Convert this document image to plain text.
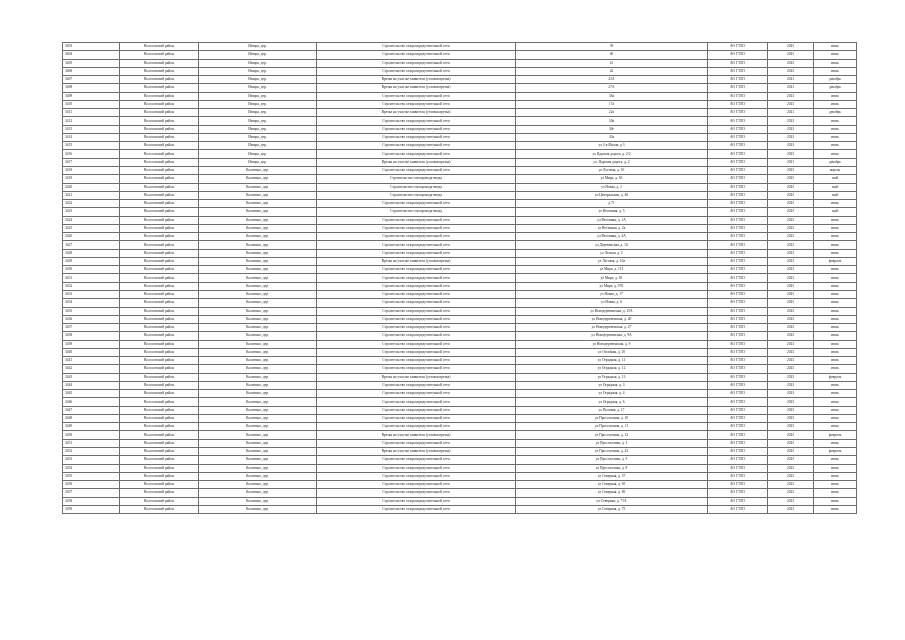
3403	Волосовский район	Извара, дер.	Строительство газораспределительной сети	39	АО ГТЛО	2023	июль
3404	Волосовский район	Извара, дер.	Строительство газораспределительной сети	40	АО ГТЛО	2023	июль
3405	Волосовский район	Извара, дер.	Строительство газораспределительной сети	41	АО ГТЛО	2023	июль
3406	Волосовский район	Извара, дер.	Строительство газораспределительной сети	42	АО ГТЛО	2023	июль
3407	Волосовский район	Извара, дер.	Врезка на участке заявителя (угловая врезка)	25А	АО ГТЛО	2021	декабрь
3408	Волосовский район	Извара, дер.	Врезка на участке заявителя (угловая врезка)	27А	АО ГТЛО	2021	декабрь
3409	Волосовский район	Извара, дер.	Строительство газораспределительной сети	36а	АО ГТЛО	2023	июль
3410	Волосовский район	Извара, дер.	Строительство газораспределительной сети	17а	АО ГТЛО	2023	июль
3411	Волосовский район	Извара, дер.	Врезка на участке заявителя (угловая врезка)	22а	АО ГТЛО	2021	декабрь
3412	Волосовский район	Извара, дер.	Строительство газораспределительной сети	30а	АО ГТЛО	2023	июль
3413	Волосовский район	Извара, дер.	Строительство газораспределительной сети	30г	АО ГТЛО	2023	июль
3414	Волосовский район	Извара, дер.	Строительство газораспределительной сети	43а	АО ГТЛО	2023	июль
3415	Волосовский район	Извара, дер.	Строительство газораспределительной сети	ул 2-я Малая, д 3	АО ГТЛО	2023	июль
3416	Волосовский район	Извара, дер.	Строительство газораспределительной сети	ул Царская дорога, д. 2/2	АО ГТЛО	2023	июль
3417	Волосовский район	Извара, дер.	Врезка на участке заявителя (угловая врезка)	ул. Царская дорога, д. 2	АО ГТЛО	2021	декабрь
3418	Волосовский район	Калитино, дер.	Строительство газораспределительной сети	ул Луговая, д. 16	АО ГТЛО	2023	апрель
3419	Волосовский район	Калитино, дер.	Строительство газопровода-ввода	ул Мира, д. 63	АО ГТЛО	2023	май
3420	Волосовский район	Калитино, дер.	Строительство газопровода-ввода	ул Новая, д. 1	АО ГТЛО	2023	май
3421	Волосовский район	Калитино, дер.	Строительство газопровода-ввода	ул Центральная, д. 40	АО ГТЛО	2023	май
3422	Волосовский район	Калитино, дер.	Строительство газораспределительной сети	д.71	АО ГТЛО	2023	июль
3423	Волосовский район	Калитино, дер.	Строительство газопровода-ввода	ул Весенняя, д. 5	АО ГТЛО	2023	май
3424	Волосовский район	Калитино, дер.	Строительство газораспределительной сети	ул Весенняя, д. 1А	АО ГТЛО	2023	июль
3425	Волосовский район	Калитино, дер.	Строительство газораспределительной сети	ул Весенняя, д. 2а	АО ГТЛО	2023	июль
3426	Волосовский район	Калитино, дер.	Строительство газораспределительной сети	ул Весенняя, д. 4А	АО ГТЛО	2023	июль
3427	Волосовский район	Калитино, дер.	Строительство газораспределительной сети	ул Деревенская, д. 10	АО ГТЛО	2023	июль
3428	Волосовский район	Калитино, дер.	Строительство газораспределительной сети	ул Лесная, д. 2	АО ГТЛО	2023	июль
3429	Волосовский район	Калитино, дер.	Врезка на участке заявителя (угловая врезка)	ул Луговая, д. 16а	АО ГТЛО	2023	февраль
3430	Волосовский район	Калитино, дер.	Строительство газораспределительной сети	ул Мира, д. 113	АО ГТЛО	2023	июль
3431	Волосовский район	Калитино, дер.	Строительство газораспределительной сети	ул Мира, д. 81	АО ГТЛО	2023	июль
3432	Волосовский район	Калитино, дер.	Строительство газораспределительной сети	ул Мира, д. 97Б	АО ГТЛО	2023	июль
3433	Волосовский район	Калитино, дер.	Строительство газораспределительной сети	ул Новая, д. 17	АО ГТЛО	2023	июль
3434	Волосовский район	Калитино, дер.	Строительство газораспределительной сети	ул Новая, д. 6	АО ГТЛО	2023	июль
3435	Волосовский район	Калитино, дер.	Строительство газораспределительной сети	ул Новодеревенская, д. 15А	АО ГТЛО	2023	июль
3436	Волосовский район	Калитино, дер.	Строительство газораспределительной сети	ул Новодеревенская, д. 20	АО ГТЛО	2023	июль
3437	Волосовский район	Калитино, дер.	Строительство газораспределительной сети	ул Новодеревенская, д. 27	АО ГТЛО	2023	июль
3438	Волосовский район	Калитино, дер.	Строительство газораспределительной сети	ул Новодеревенская, д. 9А	АО ГТЛО	2023	июль
3439	Волосовский район	Калитино, дер.	Строительство газораспределительной сети	ул Новодеревенская, д. 9	АО ГТЛО	2023	июль
3440	Волосовский район	Калитино, дер.	Строительство газораспределительной сети	ул Огradная, д. 10	АО ГТЛО	2023	июль
3441	Волосовский район	Калитино, дер.	Строительство газораспределительной сети	ул Оградная, д. 11	АО ГТЛО	2023	июль
3442	Волосовский район	Калитино, дер.	Строительство газораспределительной сети	ул Оградная, д. 12	АО ГТЛО	2023	июль
3443	Волосовский район	Калитино, дер.	Врезка на участке заявителя (угловая врезка)	ул Оградная, д. 13	АО ГТЛО	2023	февраль
3444	Волосовский район	Калитино, дер.	Строительство газораспределительной сети	ул Оградная, д. 3	АО ГТЛО	2023	июль
3445	Волосовский район	Калитино, дер.	Строительство газораспределительной сети	ул Оградная, д. 4	АО ГТЛО	2023	июль
3446	Волосовский район	Калитино, дер.	Строительство газораспределительной сети	ул Оградная, д. 6	АО ГТЛО	2023	июль
3447	Волосовский район	Калитино, дер.	Строительство газораспределительной сети	ул Полевая, д. 17	АО ГТЛО	2023	июль
3448	Волосовский район	Калитино, дер.	Строительство газораспределительной сети	ул Проселочная, д. 10	АО ГТЛО	2023	июль
3449	Волосовский район	Калитино, дер.	Строительство газораспределительной сети	ул Проселочная, д. 11	АО ГТЛО	2023	июль
3450	Волосовский район	Калитино, дер.	Врезка на участке заявителя (угловая врезка)	ул Проселочная, д. 12	АО ГТЛО	2023	февраль
3451	Волосовский район	Калитино, дер.	Строительство газораспределительной сети	ул Проселочная, д. 3	АО ГТЛО	2023	июль
3452	Волосовский район	Калитино, дер.	Врезка на участке заявителя (угловая врезка)	ул Проселочная, д. 43	АО ГТЛО	2023	февраль
3453	Волосовский район	Калитино, дер.	Строительство газораспределительной сети	ул Проселочная, д. 5	АО ГТЛО	2023	июль
3454	Волосовский район	Калитино, дер.	Строительство газораспределительной сети	ул Проселочная, д. 8	АО ГТЛО	2023	июль
3455	Волосовский район	Калитино, дер.	Строительство газораспределительной сети	ул Северная, д. 57	АО ГТЛО	2023	июль
3456	Волосовский район	Калитино, дер.	Строительство газораспределительной сети	ул Северная, д. 65	АО ГТЛО	2023	июль
3457	Волосовский район	Калитино, дер.	Строительство газораспределительной сети	ул Северная, д. 69	АО ГТЛО	2023	июль
3458	Волосовский район	Калитино, дер.	Строительство газораспределительной сети	ул Северная, д. 71А	АО ГТЛО	2023	июль
3459	Волосовский район	Калитино, дер.	Строительство газораспределительной сети	ул Северная, д. 75	АО ГТЛО	2023	июль
